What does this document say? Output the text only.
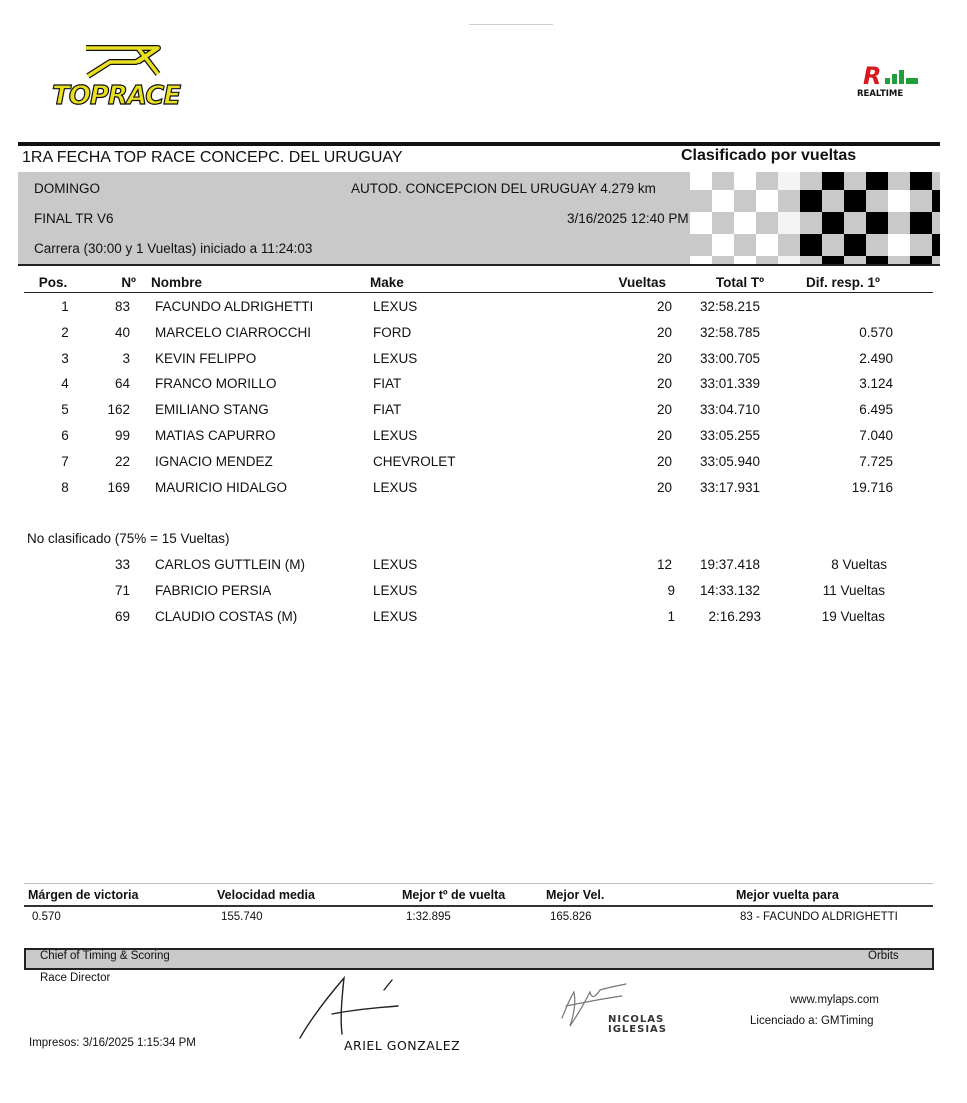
TOPRACE
R
REALTIME
1RA FECHA TOP RACE CONCEPC. DEL URUGUAY	Clasificado por vueltas
DOMINGO	AUTOD. CONCEPCION DEL URUGUAY 4.279 km
FINAL TR V6	3/16/2025 12:40 PM
Carrera (30:00 y 1 Vueltas) iniciado a 11:24:03
Pos.	Nº Nombre	Make	Vueltas	Total Tº	Dif. resp. 1º
1	83 FACUNDO ALDRIGHETTI	LEXUS	20	32:58.215
2	40 MARCELO CIARROCCHI	FORD	20	32:58.785	0.570
3	3 KEVIN FELIPPO	LEXUS	20	33:00.705	2.490
4	64 FRANCO MORILLO	FIAT	20	33:01.339	3.124
5	162 EMILIANO STANG	FIAT	20	33:04.710	6.495
6	99 MATIAS CAPURRO	LEXUS	20	33:05.255	7.040
7	22 IGNACIO MENDEZ	CHEVROLET	20	33:05.940	7.725
8	169 MAURICIO HIDALGO	LEXUS	20	33:17.931	19.716
No clasificado (75% = 15 Vueltas)
33 CARLOS GUTTLEIN (M)	LEXUS	12	19:37.418	8 Vueltas
71 FABRICIO PERSIA	LEXUS	9	14:33.132	11 Vueltas
69 CLAUDIO COSTAS (M)	LEXUS	1	2:16.293	19 Vueltas
Márgen de victoria	Velocidad media	Mejor tº de vuelta	Mejor Vel.	Mejor vuelta para
0.570	155.740	1:32.895	165.826	83 - FACUNDO ALDRIGHETTI
Chief of Timing & Scoring	Orbits
Race Director
ARIEL GONZALEZ
NICOLAS
IGLESIAS
www.mylaps.com
Licenciado a: GMTiming
Impresos: 3/16/2025 1:15:34 PM
